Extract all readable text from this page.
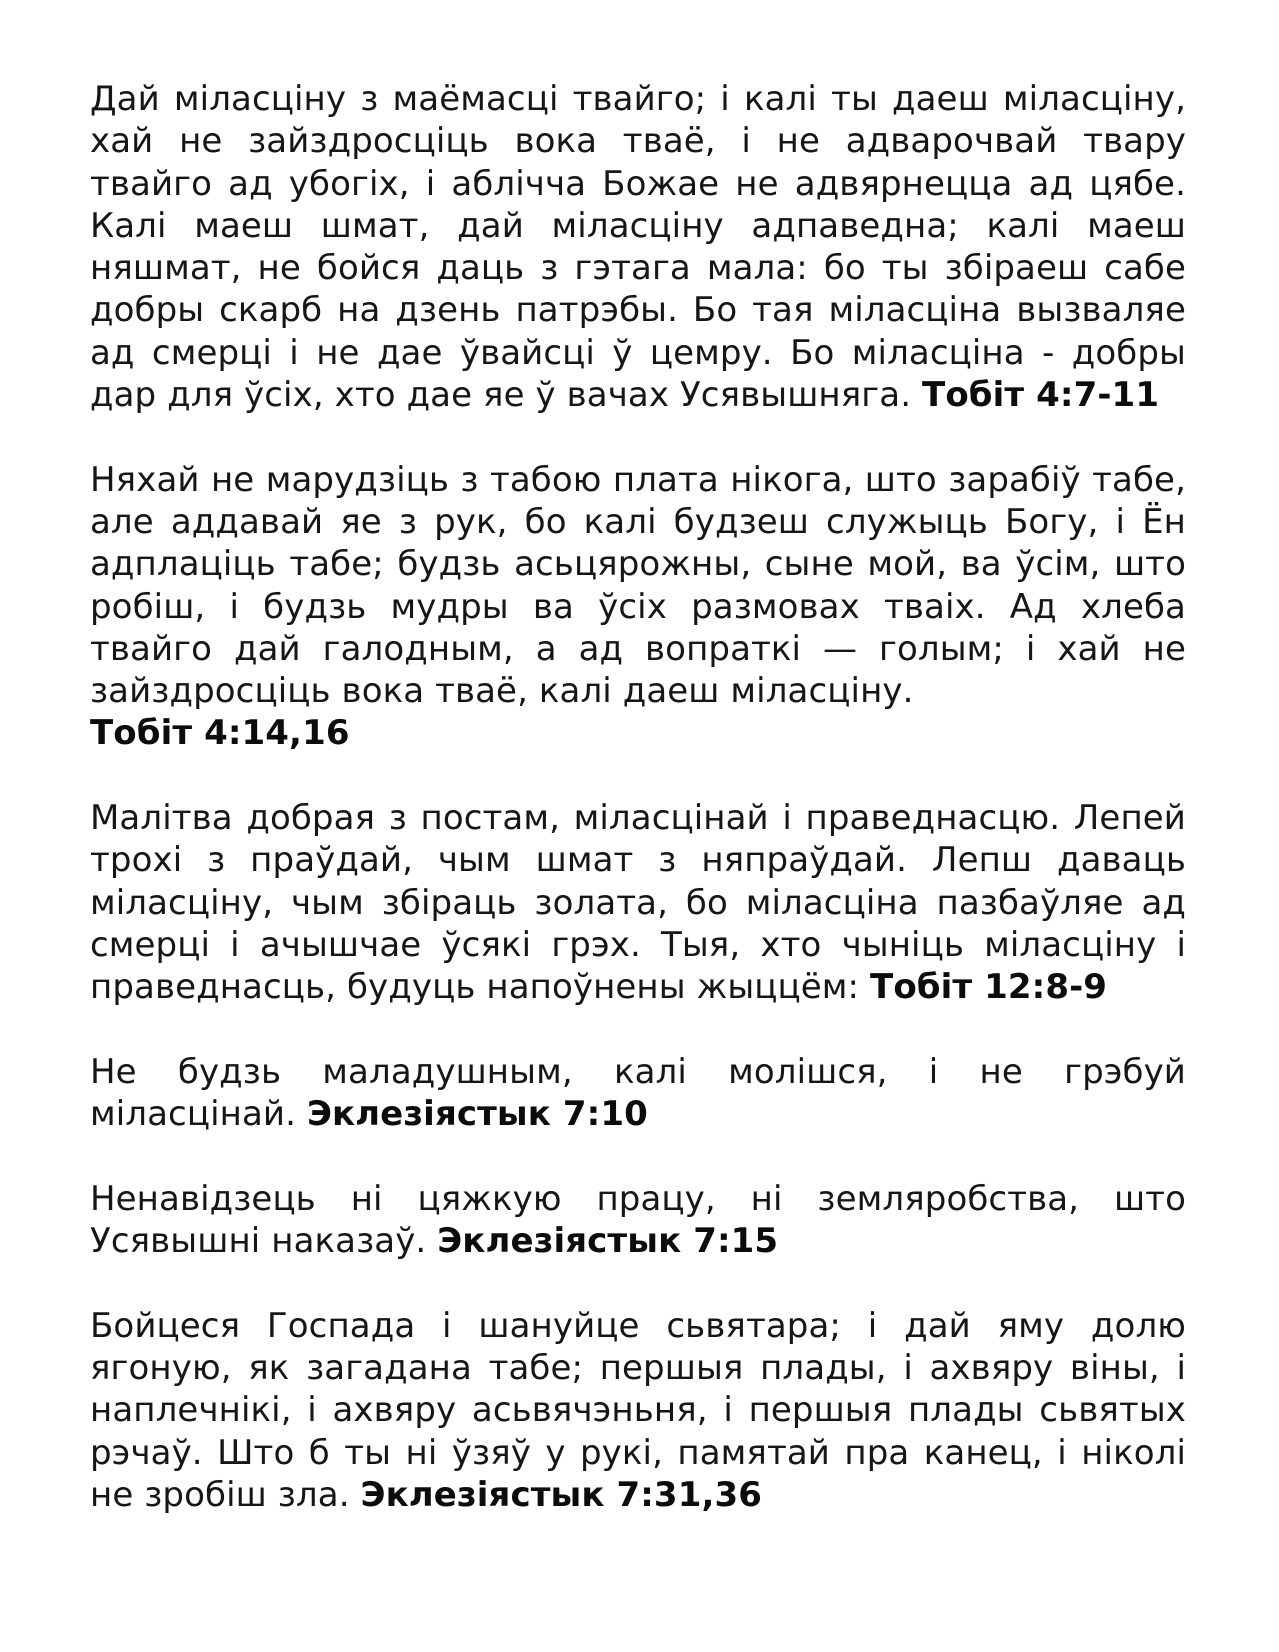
Дай міласціну з маёмасці твайго; і калі ты даеш міласціну, хай не зайздросціць вока тваё, і не адварочвай твару твайго ад убогіх, і аблічча Божае не адвярнецца ад цябе. Калі маеш шмат, дай міласціну адпаведна; калі маеш няшмат, не бойся даць з гэтага мала: бо ты збіраеш сабе добры скарб на дзень патрэбы. Бо тая міласціна вызваляе ад смерці і не дае ўвайсці ў цемру. Бо міласціна - добры дар для ўсіх, хто дае яе ў вачах Усявышняга. Тобіт 4:7-11

Няхай не марудзіць з табою плата нікога, што зарабіў табе, але аддавай яе з рук, бо калі будзеш служыць Богу, і Ён адплаціць табе; будзь асьцярожны, сыне мой, ва ўсім, што робіш, і будзь мудры ва ўсіх размовах тваіх. Ад хлеба твайго дай галодным, а ад вопраткі — голым; і хай не зайздросціць вока тваё, калі даеш міласціну.
Тобіт 4:14,16

Малітва добрая з постам, міласцінай і праведнасцю. Лепей трохі з праўдай, чым шмат з няпраўдай. Лепш даваць міласціну, чым збіраць золата, бо міласціна пазбаўляе ад смерці і ачышчае ўсякі грэх. Тыя, хто чыніць міласціну і праведнасць, будуць напоўнены жыццём: Тобіт 12:8-9

Не будзь маладушным, калі молішся, і не грэбуй міласцінай. Эклезіястык 7:10

Ненавідзець ні цяжкую працу, ні земляробства, што Усявышні наказаў. Эклезіястык 7:15

Бойцеся Госпада і шануйце сьвятара; і дай яму долю ягоную, як загадана табе; першыя плады, і ахвяру віны, і наплечнікі, і ахвяру асьвячэньня, і першыя плады сьвятых рэчаў. Што б ты ні ўзяў у рукі, памятай пра канец, і ніколі не зробіш зла. Эклезіястык 7:31,36
